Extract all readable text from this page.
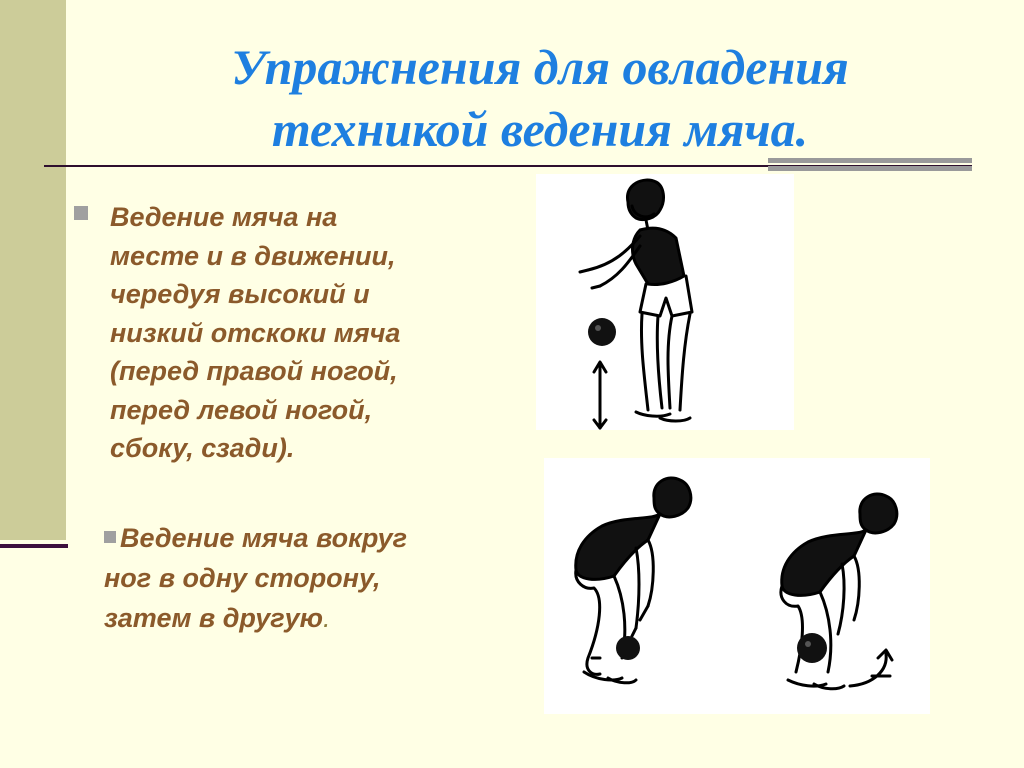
Упражнения для овладения
техникой ведения мяча.
Ведение мяча на
месте и в движении,
чередуя высокий и
низкий отскоки мяча
(перед правой ногой,
перед левой ногой,
сбоку, сзади).
Ведение мяча вокруг
ног в одну сторону,
затем в другую.
